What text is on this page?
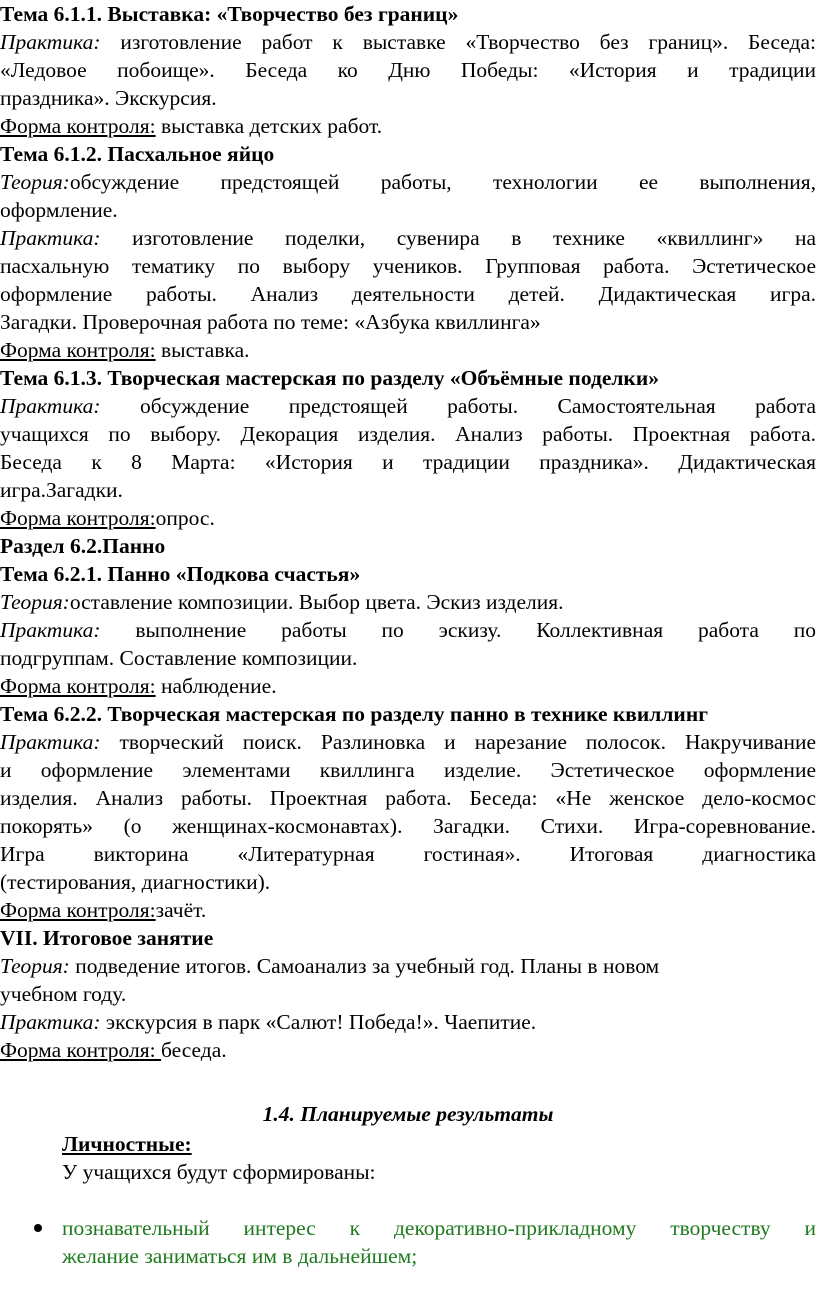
Тема 6.1.1. Выставка: «Творчество без границ»
Практика: изготовление работ к выставке «Творчество без границ». Беседа:
«Ледовое побоище». Беседа ко Дню Победы: «История и традиции
праздника». Экскурсия.
Форма контроля: выставка детских работ.
Тема 6.1.2. Пасхальное яйцо
Теория:обсуждение предстоящей работы, технологии ее выполнения,
оформление.
Практика: изготовление поделки, сувенира в технике «квиллинг» на
пасхальную тематику по выбору учеников. Групповая работа. Эстетическое
оформление работы. Анализ деятельности детей. Дидактическая игра.
Загадки. Проверочная работа по теме: «Азбука квиллинга»
Форма контроля: выставка.
Тема 6.1.3. Творческая мастерская по разделу «Объёмные поделки»
Практика: обсуждение предстоящей работы. Самостоятельная работа
учащихся по выбору. Декорация изделия. Анализ работы. Проектная работа.
Беседа к 8 Марта: «История и традиции праздника». Дидактическая
игра.Загадки.
Форма контроля:опрос.
Раздел 6.2.Панно
Тема 6.2.1. Панно «Подкова счастья»
Теория:оставление композиции. Выбор цвета. Эскиз изделия.
Практика: выполнение работы по эскизу. Коллективная работа по
подгруппам. Составление композиции.
Форма контроля: наблюдение.
Тема 6.2.2. Творческая мастерская по разделу панно в технике квиллинг
Практика: творческий поиск. Разлиновка и нарезание полосок. Накручивание
и оформление элементами квиллинга изделие. Эстетическое оформление
изделия. Анализ работы. Проектная работа. Беседа: «Не женское дело-космос
покорять» (о женщинах-космонавтах). Загадки. Стихи. Игра-соревнование.
Игра викторина «Литературная гостиная». Итоговая диагностика
(тестирования, диагностики).
Форма контроля:зачёт.
VII. Итоговое занятие
Теория: подведение итогов. Самоанализ за учебный год. Планы в новом
учебном году.
Практика: экскурсия в парк «Салют! Победа!». Чаепитие.
Форма контроля: беседа.
1.4. Планируемые результаты
Личностные:
У учащихся будут сформированы:
познавательный интерес к декоративно-прикладному творчеству и
желание заниматься им в дальнейшем;
